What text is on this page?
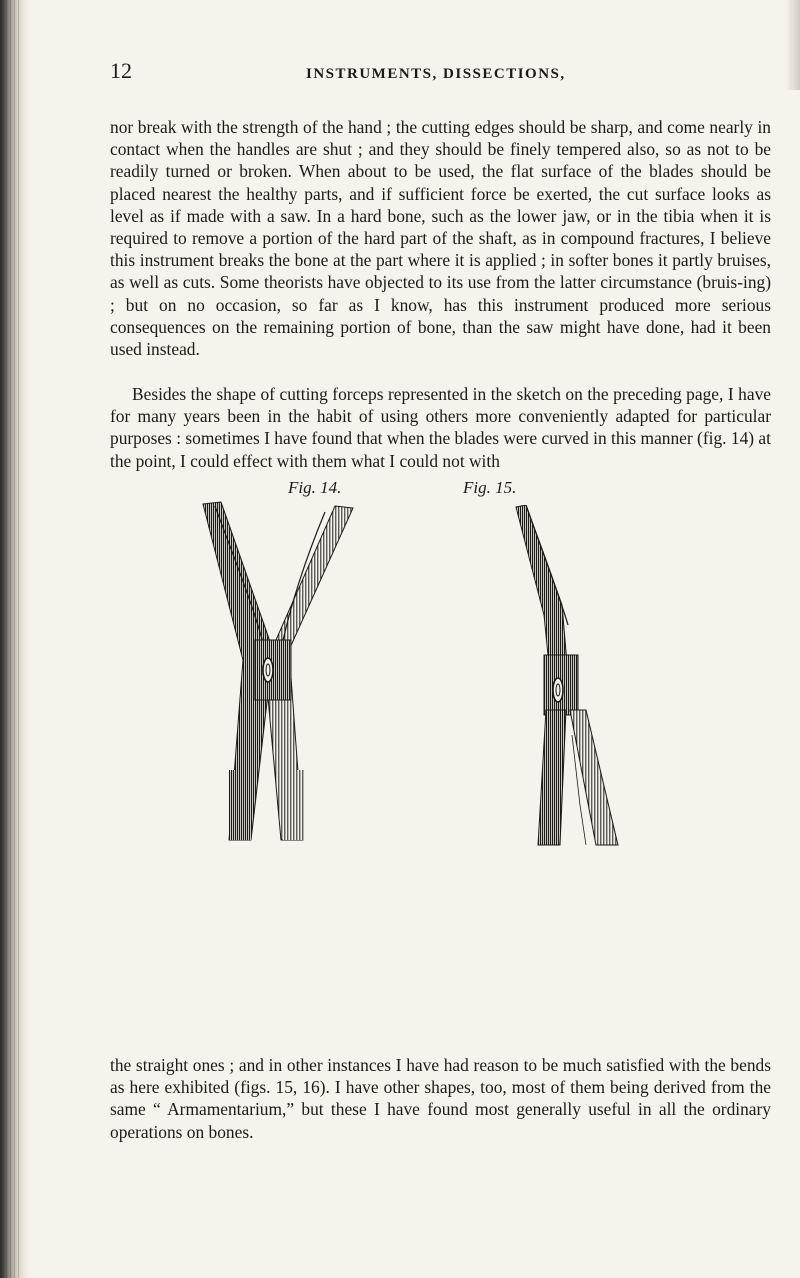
12	INSTRUMENTS, DISSECTIONS,

nor break with the strength of the hand ; the cutting edges should be sharp, and come nearly in contact when the handles are shut ; and they should be finely tempered also, so as not to be readily turned or broken. When about to be used, the flat surface of the blades should be placed nearest the healthy parts, and if sufficient force be exerted, the cut surface looks as level as if made with a saw. In a hard bone, such as the lower jaw, or in the tibia when it is required to remove a portion of the hard part of the shaft, as in compound fractures, I believe this instrument breaks the bone at the part where it is applied ; in softer bones it partly bruises, as well as cuts. Some theorists have objected to its use from the latter circumstance (bruis-ing) ; but on no occasion, so far as I know, has this instrument produced more serious consequences on the remaining portion of bone, than the saw might have done, had it been used instead.

Besides the shape of cutting forceps represented in the sketch on the preceding page, I have for many years been in the habit of using others more conveniently adapted for particular purposes : sometimes I have found that when the blades were curved in this manner (fig. 14) at the point, I could effect with them what I could not with

Fig. 14.	Fig. 15.

the straight ones ; and in other instances I have had reason to be much satisfied with the bends as here exhibited (figs. 15, 16). I have other shapes, too, most of them being derived from the same “ Armamentarium,” but these I have found most generally useful in all the ordinary operations on bones.
